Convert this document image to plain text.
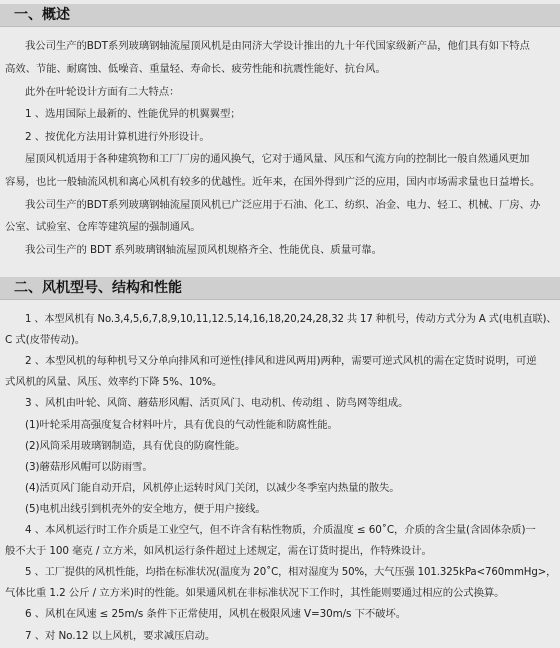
一、概述
我公司生产的BDT系列玻璃钢轴流屋顶风机是由同济大学设计推出的九十年代国家级新产品，他们具有如下特点
高效、节能、耐腐蚀、低噪音、重量轻、寿命长、疲劳性能和抗震性能好、抗台风。
此外在叶轮设计方面有二大特点：
1 、选用国际上最新的、性能优异的机翼翼型；
2 、按优化方法用计算机进行外形设计。
屋顶风机适用于各种建筑物和工厂厂房的通风换气，它对于通风量、风压和气流方向的控制比一般自然通风更加
容易，也比一般轴流风机和离心风机有较多的优越性。近年来，在国外得到广泛的应用，国内市场需求量也日益增长。
我公司生产的BDT系列玻璃钢轴流屋顶风机已广泛应用于石油、化工、纺织、冶金、电力、轻工、机械、厂房、办
公室、试验室、仓库等建筑屋的强制通风。
我公司生产的 BDT 系列玻璃钢轴流屋顶风机规格齐全、性能优良、质量可靠。
二、风机型号、结构和性能
1 、本型风机有 No.3,4,5,6,7,8,9,10,11,12.5,14,16,18,20,24,28,32 共 17 种机号，传动方式分为 A 式(电机直联)、
C 式(皮带传动)。
2 、本型风机的每种机号又分单向排风和可逆性(排风和进风两用)两种，需要可逆式风机的需在定货时说明，可逆
式风机的风量、风压、效率约下降 5%、10%。
3 、风机由叶轮、风筒、蘑菇形风帽、活页风门、电动机、传动组 、防鸟网等组成。
(1)叶轮采用高强度复合材料叶片，具有优良的气动性能和防腐性能。
(2)风筒采用玻璃钢制造，具有优良的防腐性能。
(3)蘑菇形风帽可以防雨雪。
(4)活页风门能自动开启，风机停止运转时风门关闭，以减少冬季室内热量的散失。
(5)电机出线引到机壳外的安全地方，便于用户接线。
4 、本风机运行时工作介质是工业空气，但不许含有粘性物质，介质温度 ≤ 60˚C，介质的含尘量(含固体杂质)一
般不大于 100 毫克 / 立方米，如风机运行条件超过上述规定，需在订货时提出，作特殊设计。
5 、工厂提供的风机性能，均指在标准状况(温度为 20˚C，相对湿度为 50%，大气压强 101.325kPa<760mmHg>，
气体比重 1.2 公斤 / 立方米)时的性能。如果通风机在非标准状况下工作时，其性能则要通过相应的公式换算。
6 、风机在风速 ≤ 25m/s 条件下正常使用，风机在极限风速 V=30m/s 下不破坏。
7 、对 No.12 以上风机，要求减压启动。
